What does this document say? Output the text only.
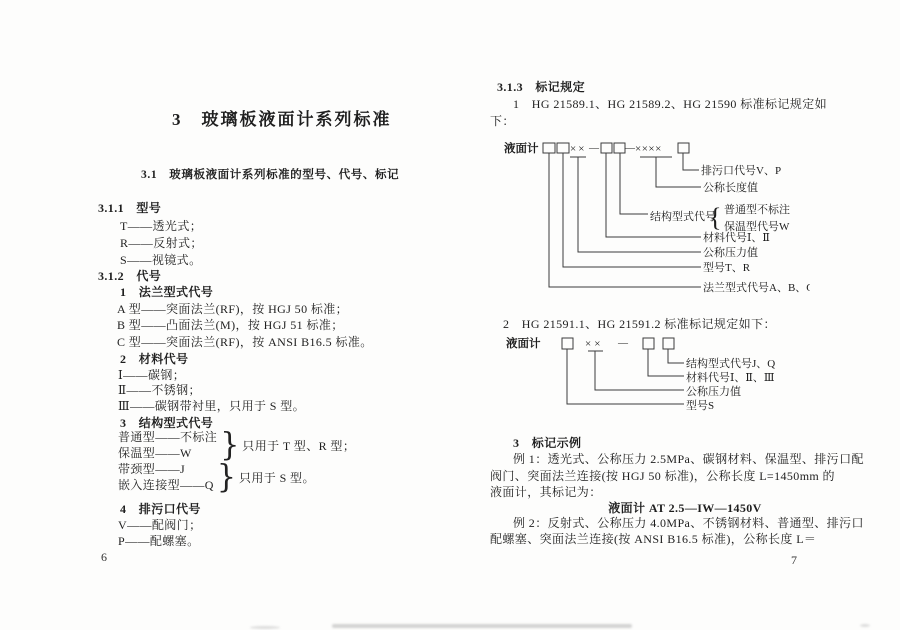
3　玻璃板液面计系列标准
3.1　玻璃板液面计系列标准的型号、代号、标记
3.1.1　型号
T——透光式；
R——反射式；
S——视镜式。
3.1.2　代号
1　法兰型式代号
A 型——突面法兰(RF)，按 HGJ 50 标准；
B 型——凸面法兰(M)，按 HGJ 51 标准；
C 型——突面法兰(RF)，按 ANSI B16.5 标准。
2　材料代号
Ⅰ——碳钢；
Ⅱ——不锈钢；
Ⅲ——碳钢带衬里，只用于 S 型。
3　结构型式代号
普通型——不标注
保温型——W } 只用于 T 型、R 型；
带颈型——J
嵌入连接型——Q } 只用于 S 型。
4　排污口代号
V——配阀门；
P——配螺塞。
6
3.1.3　标记规定
1　HG 21589.1、HG 21589.2、HG 21590 标准标记规定如
下：
液面计	×× —	— ××××
排污口代号V、P
公称长度值
结构型式代号
{ 普通型不标注
保温型代号W
材料代号Ⅰ、Ⅱ
公称压力值
型号T、R
法兰型式代号A、B、C
2　HG 21591.1、HG 21591.2 标准标记规定如下：
液面计	×× —
结构型式代号J、Q
材料代号Ⅰ、Ⅱ、Ⅲ
公称压力值
型号S
3　标记示例
例 1：透光式、公称压力 2.5MPa、碳钢材料、保温型、排污口配
阀门、突面法兰连接(按 HGJ 50 标准)，公称长度 L=1450mm 的
液面计，其标记为：
液面计 AT 2.5—IW—1450V
例 2：反射式、公称压力 4.0MPa、不锈钢材料、普通型、排污口
配螺塞、突面法兰连接(按 ANSI B16.5 标准)，公称长度 L＝
7
